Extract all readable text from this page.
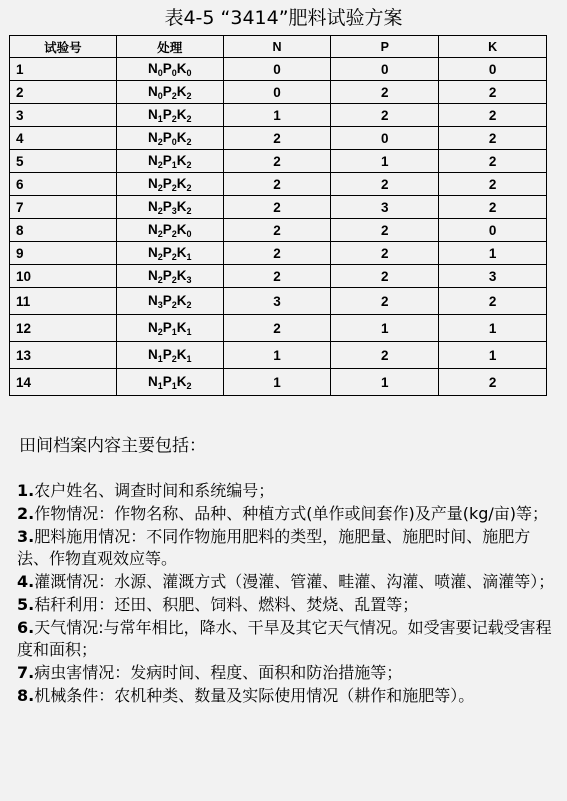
表4-5 “3414”肥料试验方案
试验号	处理	N	P	K
1	$N_0P_0K_0$	0	0	0
2	$N_0P_2K_2$	0	2	2
3	$N_1P_2K_2$	1	2	2
4	$N_2P_0K_2$	2	0	2
5	$N_2P_1K_2$	2	1	2
6	$N_2P_2K_2$	2	2	2
7	$N_2P_3K_2$	2	3	2
8	$N_2P_2K_0$	2	2	0
9	$N_2P_2K_1$	2	2	1
10	$N_2P_2K_3$	2	2	3
11	$N_3P_2K_2$	3	2	2
12	$N_2P_1K_1$	2	1	1
13	$N_1P_2K_1$	1	2	1
14	$N_1P_1K_2$	1	1	2
田间档案内容主要包括：
1.农户姓名、调查时间和系统编号；
2.作物情况：作物名称、品种、种植方式(单作或间套作)及产量(kg/亩)等；
3.肥料施用情况：不同作物施用肥料的类型，施肥量、施肥时间、施肥方法、作物直观效应等。
4.灌溉情况：水源、灌溉方式（漫灌、管灌、畦灌、沟灌、喷灌、滴灌等）；
5.秸秆利用：还田、积肥、饲料、燃料、焚烧、乱置等；
6.天气情况:与常年相比，降水、干旱及其它天气情况。如受害要记载受害程度和面积；
7.病虫害情况：发病时间、程度、面积和防治措施等；
8.机械条件：农机种类、数量及实际使用情况（耕作和施肥等）。
